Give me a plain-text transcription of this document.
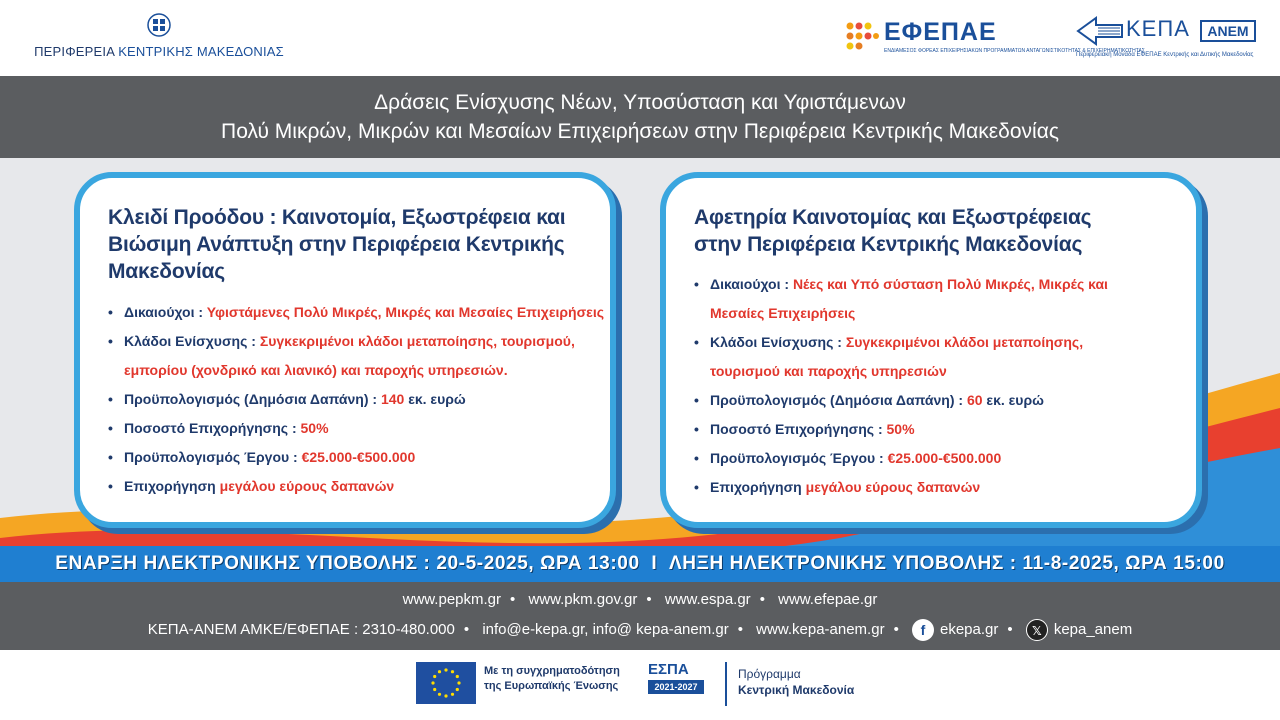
ΠΕΡΙΦΕΡΕΙΑ ΚΕΝΤΡΙΚΗΣ ΜΑΚΕΔΟΝΙΑΣ
ΕΦΕΠΑΕ
ΕΝΔΙΑΜΕΣΟΣ ΦΟΡΕΑΣ ΕΠΙΧΕΙΡΗΣΙΑΚΩΝ ΠΡΟΓΡΑΜΜΑΤΩΝ ΑΝΤΑΓΩΝΙΣΤΙΚΟΤΗΤΑΣ & ΕΠΙΧΕΙΡΗΜΑΤΙΚΟΤΗΤΑΣ
ΚΕΠΑ	ΑΝΕΜ
Περιφερειακή Μονάδα ΕΦΕΠΑΕ Κεντρικής και Δυτικής Μακεδονίας
Δράσεις Ενίσχυσης Νέων, Υποσύσταση και Υφιστάμενων
Πολύ Μικρών, Μικρών και Μεσαίων Επιχειρήσεων στην Περιφέρεια Κεντρικής Μακεδονίας
Κλειδί Προόδου : Καινοτομία, Εξωστρέφεια και
Βιώσιμη Ανάπτυξη στην Περιφέρεια Κεντρικής
Μακεδονίας
• Δικαιούχοι : Υφιστάμενες Πολύ Μικρές, Μικρές και Μεσαίες Επιχειρήσεις
• Κλάδοι Ενίσχυσης : Συγκεκριμένοι κλάδοι μεταποίησης, τουρισμού,
εμπορίου (χονδρικό και λιανικό) και παροχής υπηρεσιών.
• Προϋπολογισμός (Δημόσια Δαπάνη) : 140 εκ. ευρώ
• Ποσοστό Επιχορήγησης : 50%
• Προϋπολογισμός Έργου : €25.000-€500.000
• Επιχορήγηση μεγάλου εύρους δαπανών
Αφετηρία Καινοτομίας και Εξωστρέφειας
στην Περιφέρεια Κεντρικής Μακεδονίας
• Δικαιούχοι : Νέες και Υπό σύσταση Πολύ Μικρές, Μικρές και
Μεσαίες Επιχειρήσεις
• Κλάδοι Ενίσχυσης : Συγκεκριμένοι κλάδοι μεταποίησης,
τουρισμού και παροχής υπηρεσιών
• Προϋπολογισμός (Δημόσια Δαπάνη) : 60 εκ. ευρώ
• Ποσοστό Επιχορήγησης : 50%
• Προϋπολογισμός Έργου : €25.000-€500.000
• Επιχορήγηση μεγάλου εύρους δαπανών
ΕΝΑΡΞΗ ΗΛΕΚΤΡΟΝΙΚΗΣ ΥΠΟΒΟΛΗΣ : 20-5-2025, ΩΡΑ 13:00 I ΛΗΞΗ ΗΛΕΚΤΡΟΝΙΚΗΣ ΥΠΟΒΟΛΗΣ : 11-8-2025, ΩΡΑ 15:00
www.pepkm.gr • www.pkm.gov.gr • www.espa.gr • www.efepae.gr
ΚΕΠΑ-ΑΝΕΜ ΑΜΚΕ/ΕΦΕΠΑΕ : 2310-480.000 • info@e-kepa.gr, info@ kepa-anem.gr • www.kepa-anem.gr • f ekepa.gr • 𝕏 kepa_anem
Με τη συγχρηματοδότηση
της Ευρωπαϊκής Ένωσης
ΕΣΠΑ
2021-2027
Πρόγραμμα
Κεντρική Μακεδονία
